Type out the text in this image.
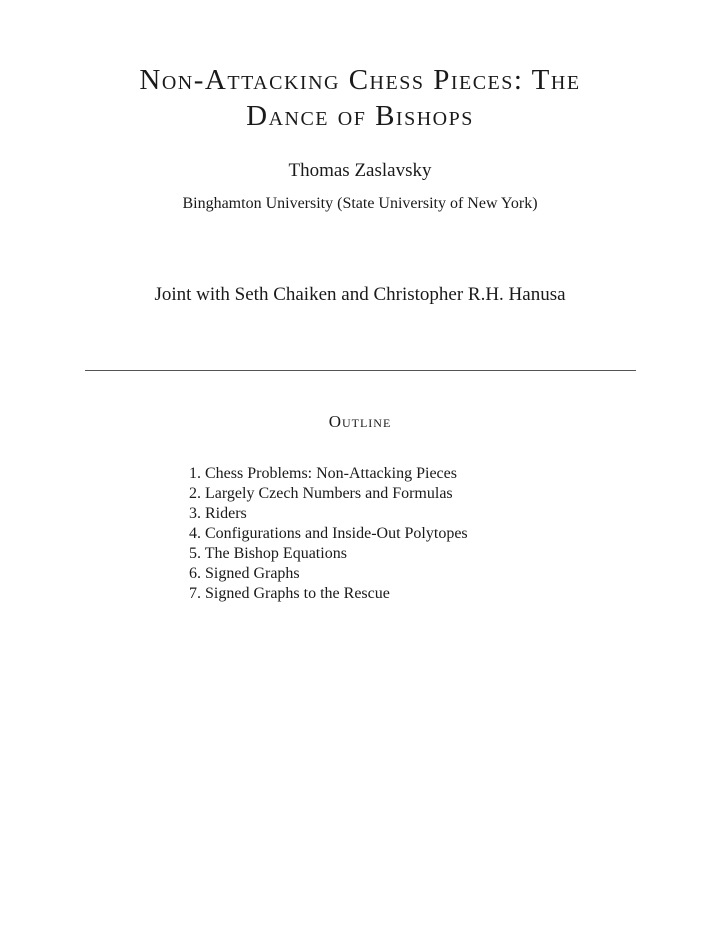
Non-Attacking Chess Pieces: The
Dance of Bishops
Thomas Zaslavsky
Binghamton University (State University of New York)
Joint with Seth Chaiken and Christopher R.H. Hanusa
Outline
1. Chess Problems: Non-Attacking Pieces
2. Largely Czech Numbers and Formulas
3. Riders
4. Configurations and Inside-Out Polytopes
5. The Bishop Equations
6. Signed Graphs
7. Signed Graphs to the Rescue
